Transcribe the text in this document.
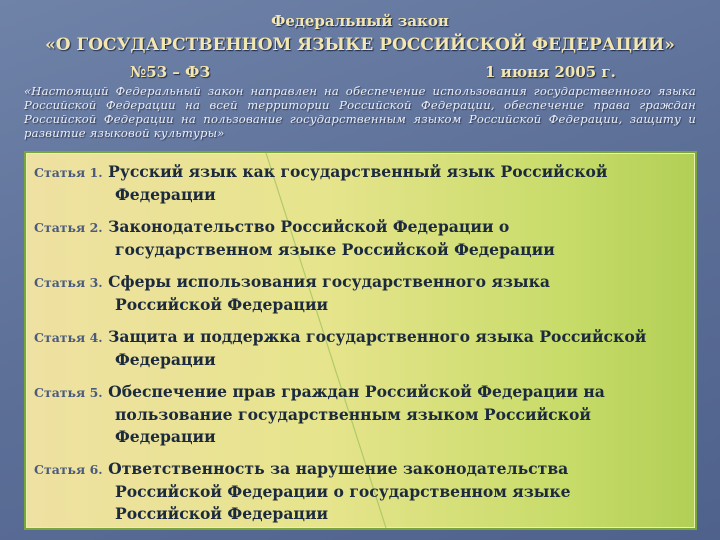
Федеральный закон
«О ГОСУДАРСТВЕННОМ ЯЗЫКЕ РОССИЙСКОЙ ФЕДЕРАЦИИ»
№53 – ФЗ	1 июня 2005 г.
«Настоящий Федеральный закон направлен на обеспечение использования государственного языка Российской Федерации на всей территории Российской Федерации, обеспечение права граждан Российской Федерации на пользование государственным языком Российской Федерации, защиту и развитие языковой культуры»
Статья 1. Русский язык как государственный язык Российской
Федерации
Статья 2. Законодательство Российской Федерации о
государственном языке Российской Федерации
Статья 3. Сферы использования государственного языка
Российской Федерации
Статья 4. Защита и поддержка государственного языка Российской
Федерации
Статья 5. Обеспечение прав граждан Российской Федерации на
пользование государственным языком Российской
Федерации
Статья 6. Ответственность за нарушение законодательства
Российской Федерации о государственном языке
Российской Федерации
